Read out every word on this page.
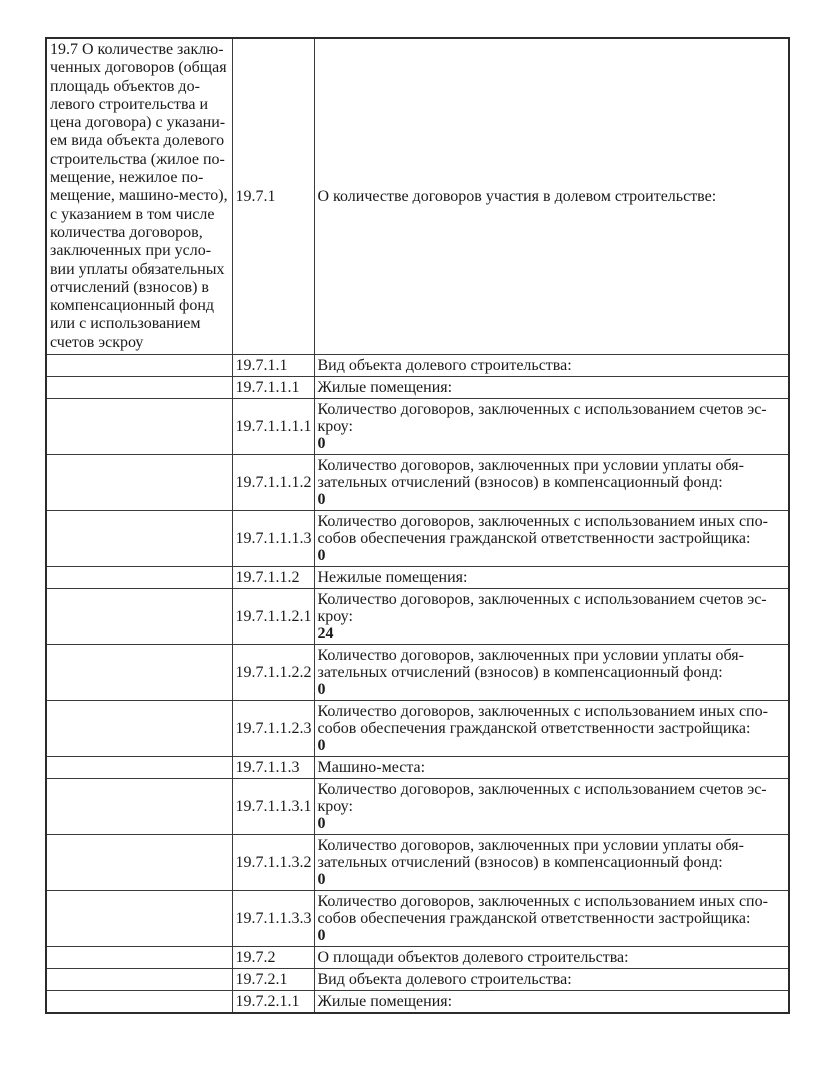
19.7 О количестве заклю-
ченных договоров (общая
площадь объектов до-
левого строительства и
цена договора) с указани-
ем вида объекта долевого
строительства (жилое по-
мещение, нежилое по-
мещение, машино-место),
с указанием в том числе
количества договоров,
заключенных при усло-
вии уплаты обязательных
отчислений (взносов) в
компенсационный фонд
или с использованием
счетов эскроу
	19.7.1	О количестве договоров участия в долевом строительстве:

	19.7.1.1	Вид объекта долевого строительства:

	19.7.1.1.1	Жилые помещения:

	19.7.1.1.1.1	Количество договоров, заключенных с использованием счетов эс-
кроу:
0

	19.7.1.1.1.2	Количество договоров, заключенных при условии уплаты обя-
зательных отчислений (взносов) в компенсационный фонд:
0

	19.7.1.1.1.3	Количество договоров, заключенных с использованием иных спо-
собов обеспечения гражданской ответственности застройщика:
0

	19.7.1.1.2	Нежилые помещения:

	19.7.1.1.2.1	Количество договоров, заключенных с использованием счетов эс-
кроу:
24

	19.7.1.1.2.2	Количество договоров, заключенных при условии уплаты обя-
зательных отчислений (взносов) в компенсационный фонд:
0

	19.7.1.1.2.3	Количество договоров, заключенных с использованием иных спо-
собов обеспечения гражданской ответственности застройщика:
0

	19.7.1.1.3	Машино-места:

	19.7.1.1.3.1	Количество договоров, заключенных с использованием счетов эс-
кроу:
0

	19.7.1.1.3.2	Количество договоров, заключенных при условии уплаты обя-
зательных отчислений (взносов) в компенсационный фонд:
0

	19.7.1.1.3.3	Количество договоров, заключенных с использованием иных спо-
собов обеспечения гражданской ответственности застройщика:
0

	19.7.2	О площади объектов долевого строительства:

	19.7.2.1	Вид объекта долевого строительства:

	19.7.2.1.1	Жилые помещения:
